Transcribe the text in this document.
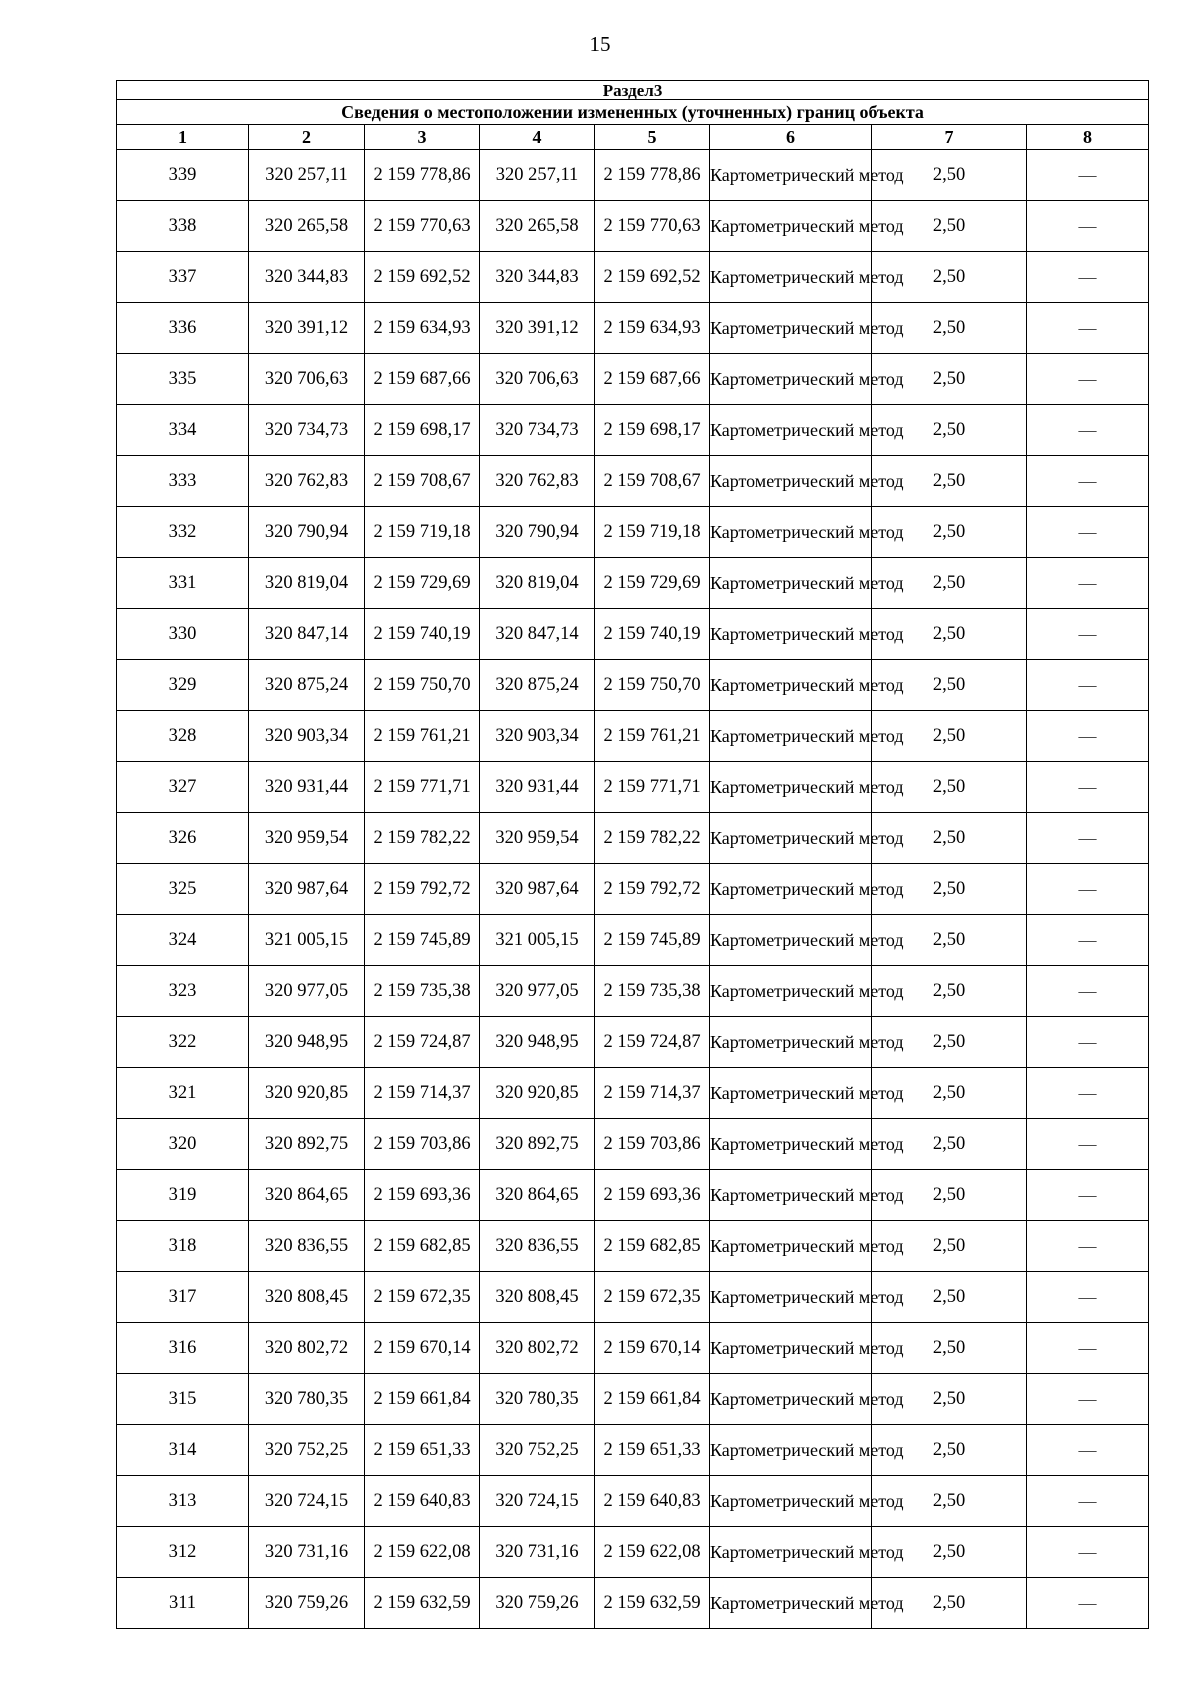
15
Раздел3							
Сведения о местоположении измененных (уточненных) границ объекта							
1	2	3	4	5	6	7	8
339	320 257,11	2 159 778,86	320 257,11	2 159 778,86	Картометрический метод	2,50	—
338	320 265,58	2 159 770,63	320 265,58	2 159 770,63	Картометрический метод	2,50	—
337	320 344,83	2 159 692,52	320 344,83	2 159 692,52	Картометрический метод	2,50	—
336	320 391,12	2 159 634,93	320 391,12	2 159 634,93	Картометрический метод	2,50	—
335	320 706,63	2 159 687,66	320 706,63	2 159 687,66	Картометрический метод	2,50	—
334	320 734,73	2 159 698,17	320 734,73	2 159 698,17	Картометрический метод	2,50	—
333	320 762,83	2 159 708,67	320 762,83	2 159 708,67	Картометрический метод	2,50	—
332	320 790,94	2 159 719,18	320 790,94	2 159 719,18	Картометрический метод	2,50	—
331	320 819,04	2 159 729,69	320 819,04	2 159 729,69	Картометрический метод	2,50	—
330	320 847,14	2 159 740,19	320 847,14	2 159 740,19	Картометрический метод	2,50	—
329	320 875,24	2 159 750,70	320 875,24	2 159 750,70	Картометрический метод	2,50	—
328	320 903,34	2 159 761,21	320 903,34	2 159 761,21	Картометрический метод	2,50	—
327	320 931,44	2 159 771,71	320 931,44	2 159 771,71	Картометрический метод	2,50	—
326	320 959,54	2 159 782,22	320 959,54	2 159 782,22	Картометрический метод	2,50	—
325	320 987,64	2 159 792,72	320 987,64	2 159 792,72	Картометрический метод	2,50	—
324	321 005,15	2 159 745,89	321 005,15	2 159 745,89	Картометрический метод	2,50	—
323	320 977,05	2 159 735,38	320 977,05	2 159 735,38	Картометрический метод	2,50	—
322	320 948,95	2 159 724,87	320 948,95	2 159 724,87	Картометрический метод	2,50	—
321	320 920,85	2 159 714,37	320 920,85	2 159 714,37	Картометрический метод	2,50	—
320	320 892,75	2 159 703,86	320 892,75	2 159 703,86	Картометрический метод	2,50	—
319	320 864,65	2 159 693,36	320 864,65	2 159 693,36	Картометрический метод	2,50	—
318	320 836,55	2 159 682,85	320 836,55	2 159 682,85	Картометрический метод	2,50	—
317	320 808,45	2 159 672,35	320 808,45	2 159 672,35	Картометрический метод	2,50	—
316	320 802,72	2 159 670,14	320 802,72	2 159 670,14	Картометрический метод	2,50	—
315	320 780,35	2 159 661,84	320 780,35	2 159 661,84	Картометрический метод	2,50	—
314	320 752,25	2 159 651,33	320 752,25	2 159 651,33	Картометрический метод	2,50	—
313	320 724,15	2 159 640,83	320 724,15	2 159 640,83	Картометрический метод	2,50	—
312	320 731,16	2 159 622,08	320 731,16	2 159 622,08	Картометрический метод	2,50	—
311	320 759,26	2 159 632,59	320 759,26	2 159 632,59	Картометрический метод	2,50	—
